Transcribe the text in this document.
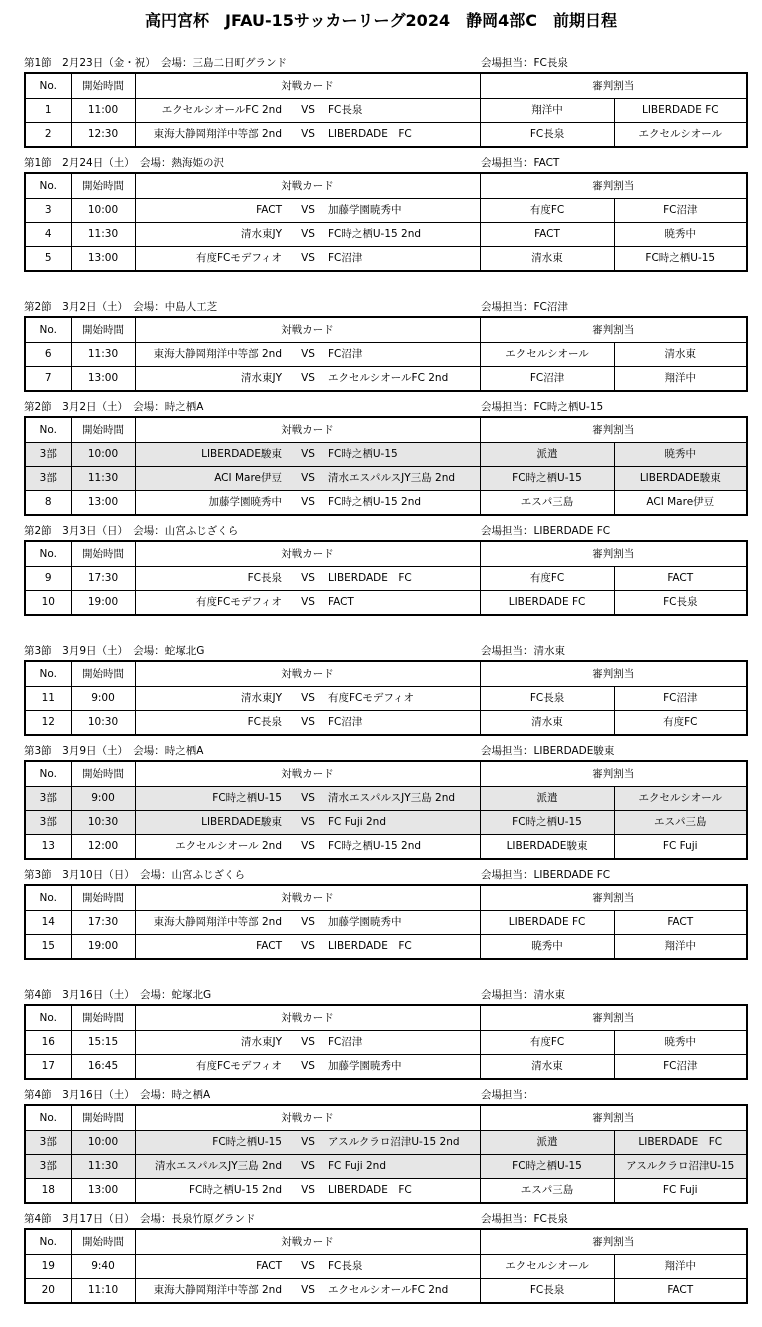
高円宮杯　JFAU-15サッカーリーグ2024　静岡4部C　前期日程
第1節　2月23日（金・祝）　会場：三島二日町グランド	会場担当：FC長泉
No.	開始時間	対戦カード			審判割当	
1	11:00	エクセルシオールFC 2nd	VS	FC長泉	翔洋中	LIBERDADE FC
2	12:30	東海大静岡翔洋中等部 2nd	VS	LIBERDADE　FC	FC長泉	エクセルシオール
第1節　2月24日（土）　会場：熱海姫の沢	会場担当：FACT
No.	開始時間	対戦カード			審判割当	
3	10:00	FACT	VS	加藤学園暁秀中	有度FC	FC沼津
4	11:30	清水東JY	VS	FC時之栖U-15 2nd	FACT	暁秀中
5	13:00	有度FCモデフィオ	VS	FC沼津	清水東	FC時之栖U-15
第2節　3月2日（土）　会場：中島人工芝	会場担当：FC沼津
No.	開始時間	対戦カード			審判割当	
6	11:30	東海大静岡翔洋中等部 2nd	VS	FC沼津	エクセルシオール	清水東
7	13:00	清水東JY	VS	エクセルシオールFC 2nd	FC沼津	翔洋中
第2節　3月2日（土）　会場：時之栖A	会場担当：FC時之栖U-15
No.	開始時間	対戦カード			審判割当	
3部	10:00	LIBERDADE駿東	VS	FC時之栖U-15	派遣	暁秀中
3部	11:30	ACI Mare伊豆	VS	清水エスパルスJY三島 2nd	FC時之栖U-15	LIBERDADE駿東
8	13:00	加藤学園暁秀中	VS	FC時之栖U-15 2nd	エスパ三島	ACI Mare伊豆
第2節　3月3日（日）　会場：山宮ふじざくら	会場担当：LIBERDADE FC
No.	開始時間	対戦カード			審判割当	
9	17:30	FC長泉	VS	LIBERDADE　FC	有度FC	FACT
10	19:00	有度FCモデフィオ	VS	FACT	LIBERDADE FC	FC長泉
第3節　3月9日（土）　会場：蛇塚北G	会場担当：清水東
No.	開始時間	対戦カード			審判割当	
11	9:00	清水東JY	VS	有度FCモデフィオ	FC長泉	FC沼津
12	10:30	FC長泉	VS	FC沼津	清水東	有度FC
第3節　3月9日（土）　会場：時之栖A	会場担当：LIBERDADE駿東
No.	開始時間	対戦カード			審判割当	
3部	9:00	FC時之栖U-15	VS	清水エスパルスJY三島 2nd	派遣	エクセルシオール
3部	10:30	LIBERDADE駿東	VS	FC Fuji 2nd	FC時之栖U-15	エスパ三島
13	12:00	エクセルシオール 2nd	VS	FC時之栖U-15 2nd	LIBERDADE駿東	FC Fuji
第3節　3月10日（日）　会場：山宮ふじざくら	会場担当：LIBERDADE FC
No.	開始時間	対戦カード			審判割当	
14	17:30	東海大静岡翔洋中等部 2nd	VS	加藤学園暁秀中	LIBERDADE FC	FACT
15	19:00	FACT	VS	LIBERDADE　FC	暁秀中	翔洋中
第4節　3月16日（土）　会場：蛇塚北G	会場担当：清水東
No.	開始時間	対戦カード			審判割当	
16	15:15	清水東JY	VS	FC沼津	有度FC	暁秀中
17	16:45	有度FCモデフィオ	VS	加藤学園暁秀中	清水東	FC沼津
第4節　3月16日（土）　会場：時之栖A	会場担当：
No.	開始時間	対戦カード			審判割当	
3部	10:00	FC時之栖U-15	VS	アスルクラロ沼津U-15 2nd	派遣	LIBERDADE　FC
3部	11:30	清水エスパルスJY三島 2nd	VS	FC Fuji 2nd	FC時之栖U-15	アスルクラロ沼津U-15
18	13:00	FC時之栖U-15 2nd	VS	LIBERDADE　FC	エスパ三島	FC Fuji
第4節　3月17日（日）　会場：長泉竹原グランド	会場担当：FC長泉
No.	開始時間	対戦カード			審判割当	
19	9:40	FACT	VS	FC長泉	エクセルシオール	翔洋中
20	11:10	東海大静岡翔洋中等部 2nd	VS	エクセルシオールFC 2nd	FC長泉	FACT
